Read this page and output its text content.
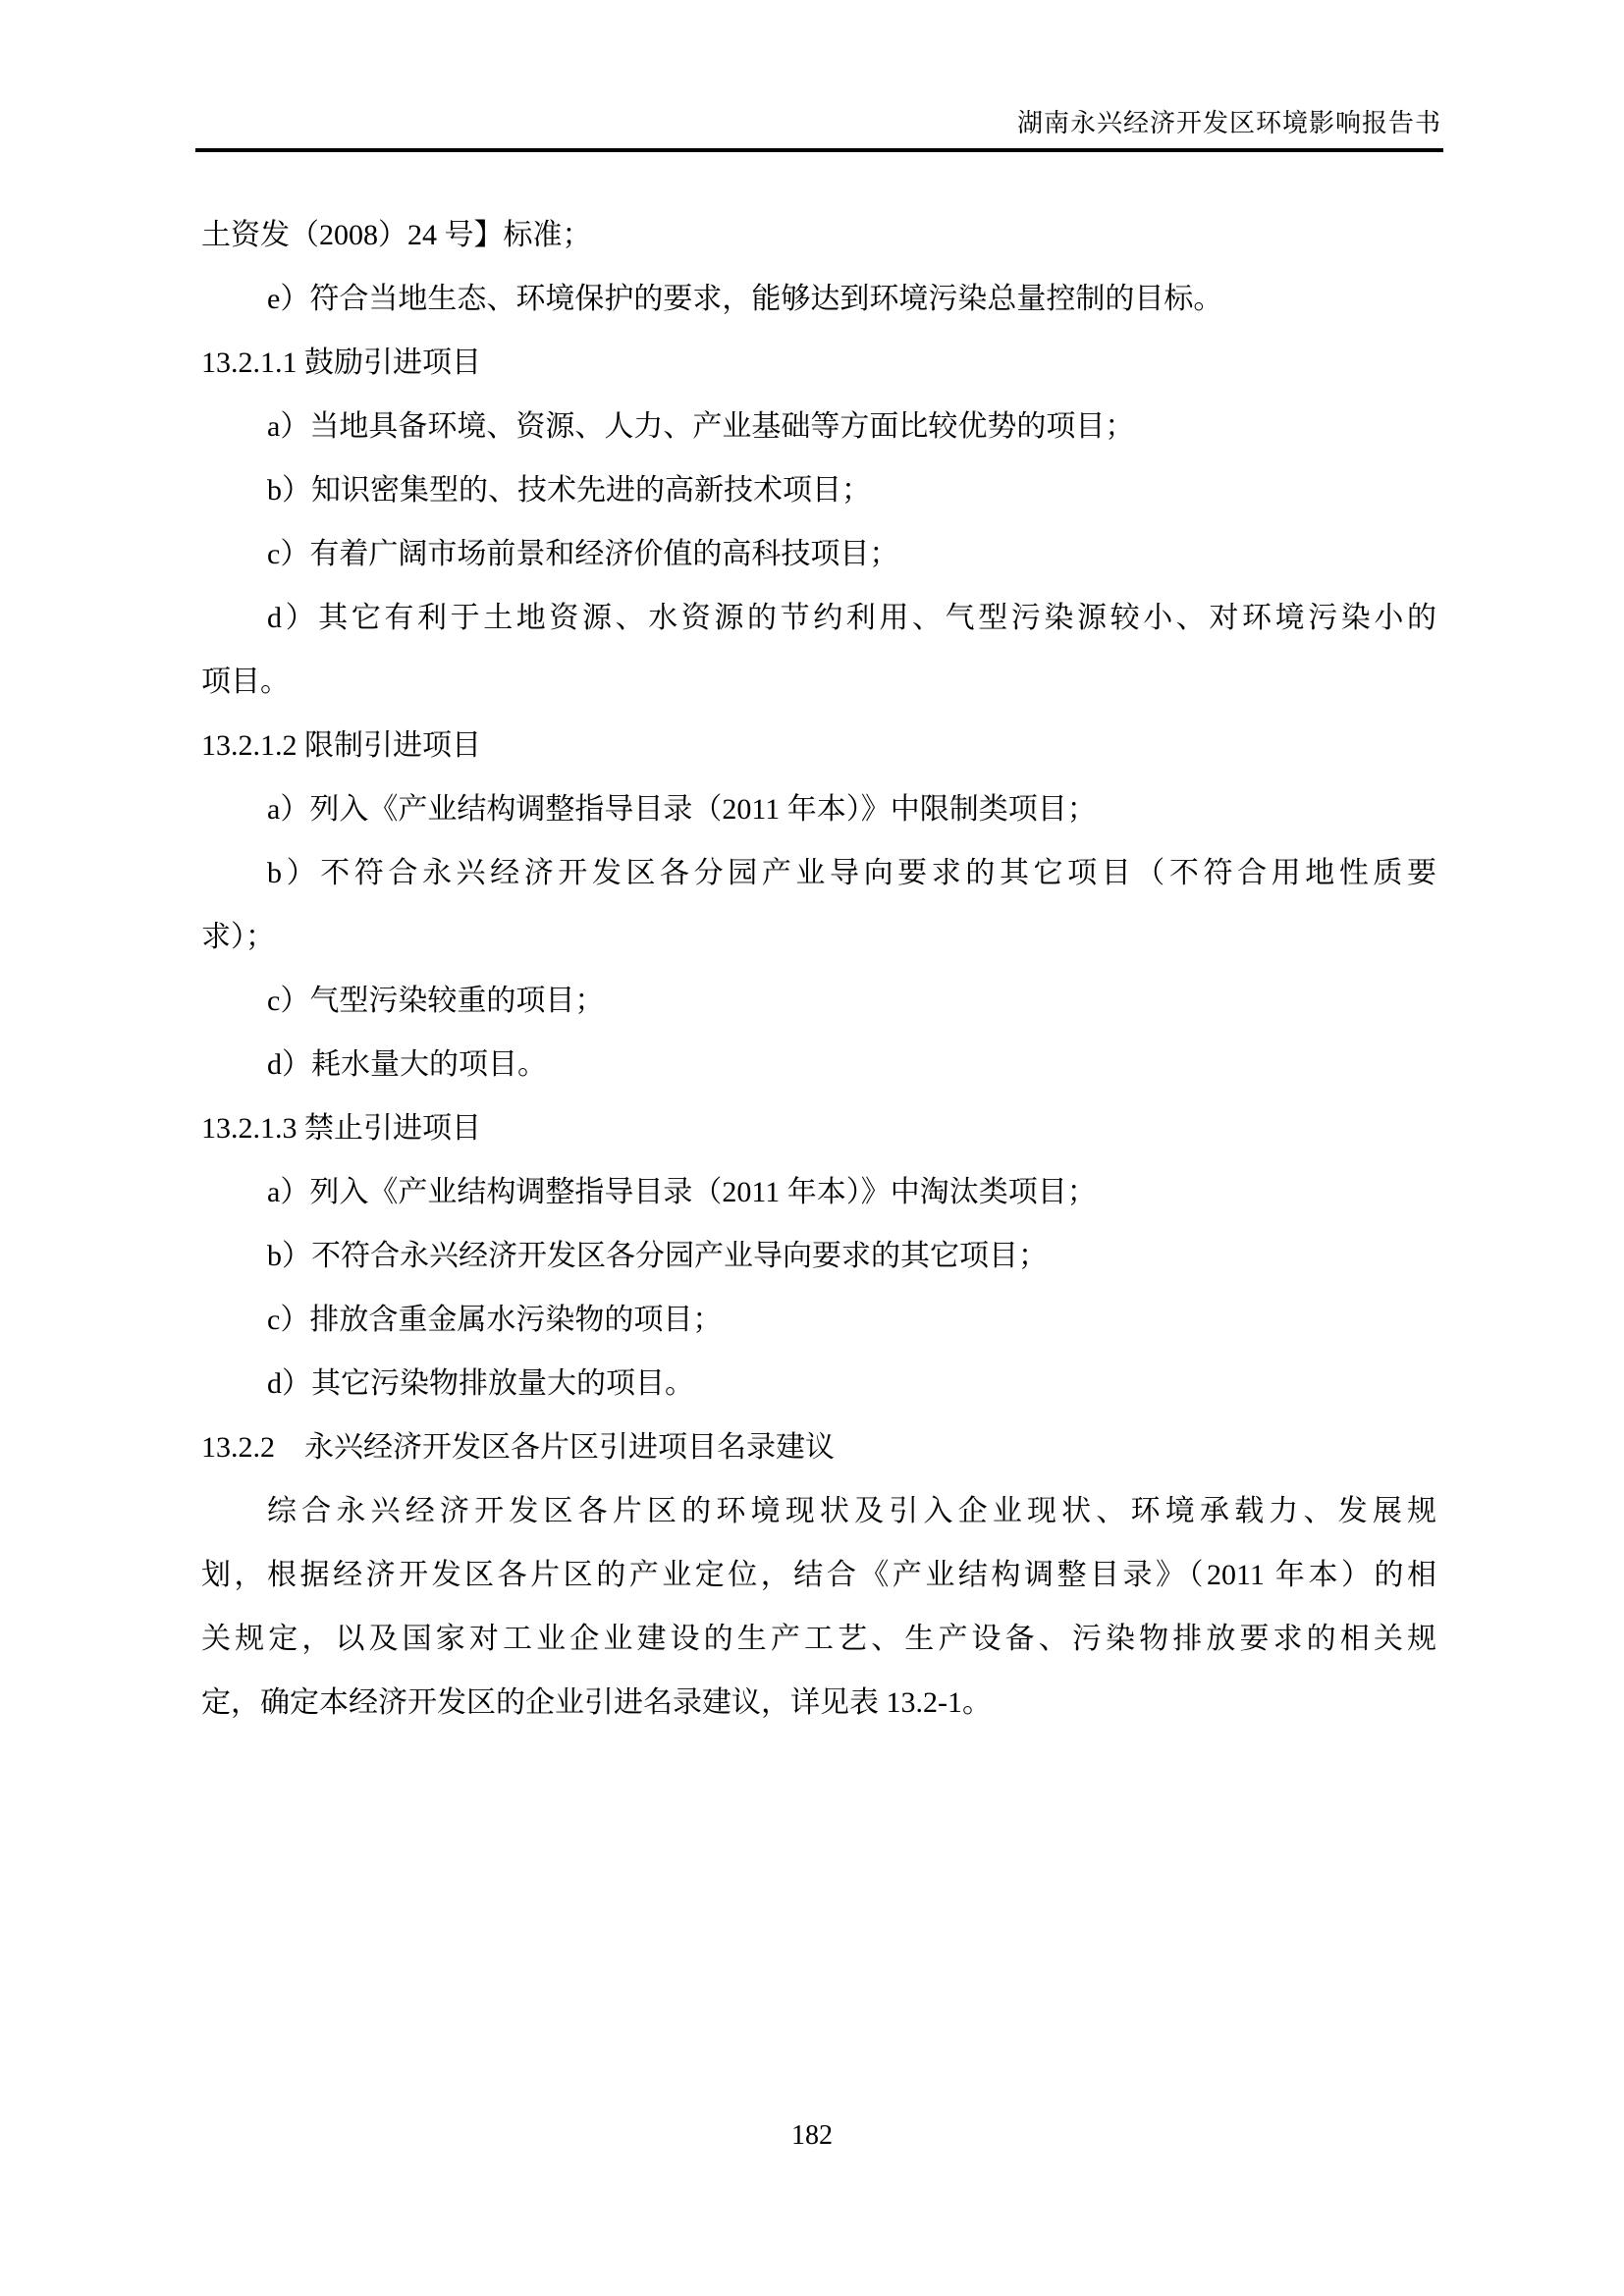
湖南永兴经济开发区环境影响报告书
土资发（2008）24 号】标准；
e）符合当地生态、环境保护的要求，能够达到环境污染总量控制的目标。
13.2.1.1 鼓励引进项目
a）当地具备环境、资源、人力、产业基础等方面比较优势的项目；
b）知识密集型的、技术先进的高新技术项目；
c）有着广阔市场前景和经济价值的高科技项目；
d）其它有利于土地资源、水资源的节约利用、气型污染源较小、对环境污染小的
项目。
13.2.1.2 限制引进项目
a）列入《产业结构调整指导目录（2011 年本）》中限制类项目；
b）不符合永兴经济开发区各分园产业导向要求的其它项目（不符合用地性质要
求）；
c）气型污染较重的项目；
d）耗水量大的项目。
13.2.1.3 禁止引进项目
a）列入《产业结构调整指导目录（2011 年本）》中淘汰类项目；
b）不符合永兴经济开发区各分园产业导向要求的其它项目；
c）排放含重金属水污染物的项目；
d）其它污染物排放量大的项目。
13.2.2　永兴经济开发区各片区引进项目名录建议
综合永兴经济开发区各片区的环境现状及引入企业现状、环境承载力、发展规
划，根据经济开发区各片区的产业定位，结合《产业结构调整目录》（2011 年本）的相
关规定，以及国家对工业企业建设的生产工艺、生产设备、污染物排放要求的相关规
定，确定本经济开发区的企业引进名录建议，详见表 13.2-1。
182
